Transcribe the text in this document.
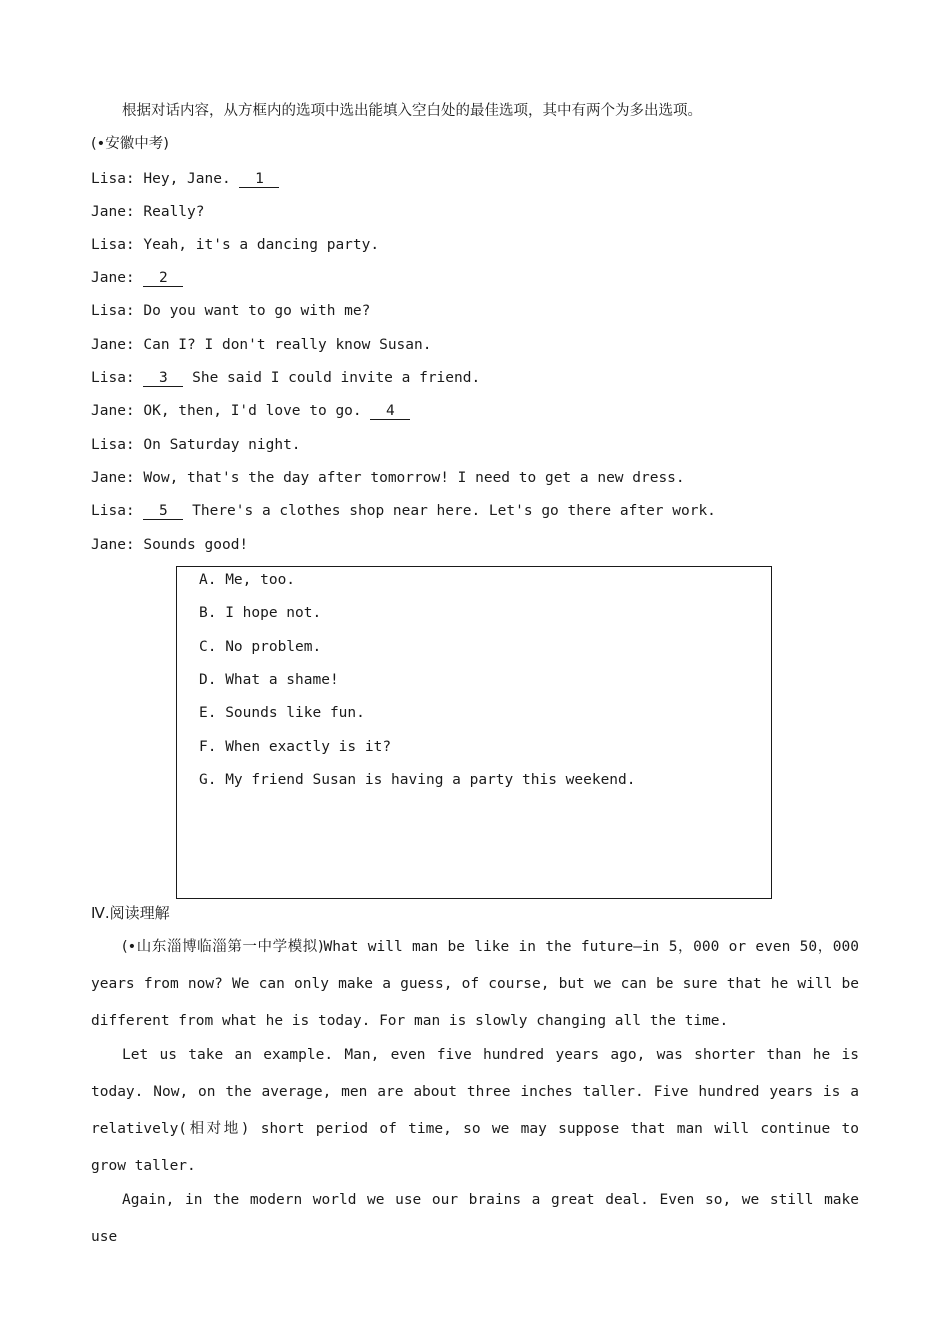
根据对话内容，从方框内的选项中选出能填入空白处的最佳选项，其中有两个为多出选项。
(•安徽中考)
Lisa: Hey, Jane. 1
Jane: Really?
Lisa: Yeah, it's a dancing party.
Jane: 2
Lisa: Do you want to go with me?
Jane: Can I? I don't really know Susan.
Lisa: 3 She said I could invite a friend.
Jane: OK, then, I'd love to go. 4
Lisa: On Saturday night.
Jane: Wow, that's the day after tomorrow! I need to get a new dress.
Lisa: 5 There's a clothes shop near here. Let's go there after work.
Jane: Sounds good!
A. Me, too.
B. I hope not.
C. No problem.
D. What a shame!
E. Sounds like fun.
F. When exactly is it?
G. My friend Susan is having a party this weekend.
Ⅳ.阅读理解
(•山东淄博临淄第一中学模拟)What will man be like in the future—in 5，000 or even 50，000 years from now? We can only make a guess, of course, but we can be sure that he will be different from what he is today. For man is slowly changing all the time.
Let us take an example. Man, even five hundred years ago, was shorter than he is today. Now, on the average, men are about three inches taller. Five hundred years is a relatively(相对地) short period of time, so we may suppose that man will continue to grow taller.
Again, in the modern world we use our brains a great deal. Even so, we still make use
